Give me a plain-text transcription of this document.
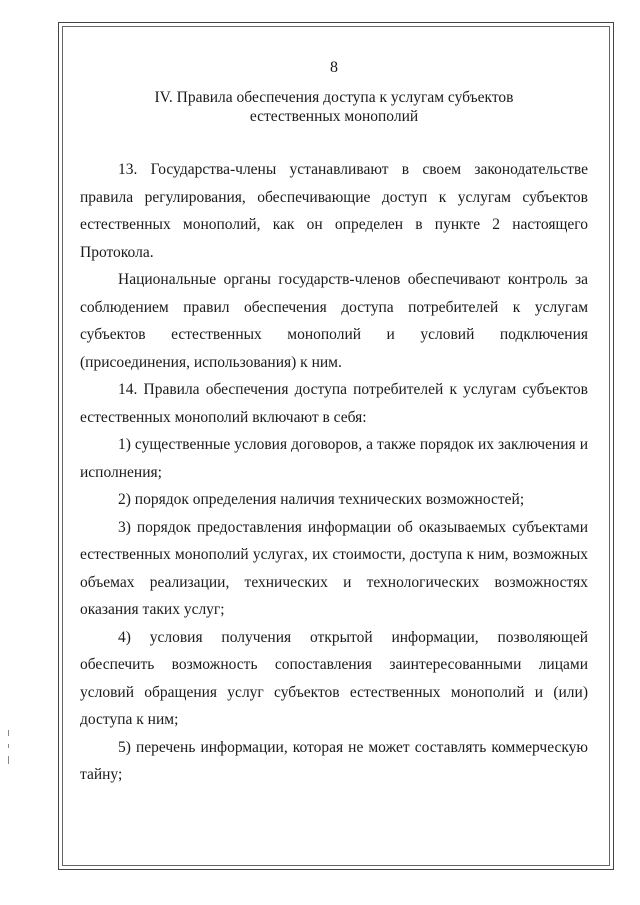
8
IV. Правила обеспечения доступа к услугам субъектов
естественных монополий

13. Государства-члены устанавливают в своем законодательстве правила регулирования, обеспечивающие доступ к услугам субъектов естественных монополий, как он определен в пункте 2 настоящего Протокола.

Национальные органы государств-членов обеспечивают контроль за соблюдением правил обеспечения доступа потребителей к услугам субъектов естественных монополий и условий подключения (присоединения, использования) к ним.

14. Правила обеспечения доступа потребителей к услугам субъектов естественных монополий включают в себя:

1) существенные условия договоров, а также порядок их заключения и исполнения;

2) порядок определения наличия технических возможностей;

3) порядок предоставления информации об оказываемых субъектами естественных монополий услугах, их стоимости, доступа к ним, возможных объемах реализации, технических и технологических возможностях оказания таких услуг;

4) условия получения открытой информации, позволяющей обеспечить возможность сопоставления заинтересованными лицами условий обращения услуг субъектов естественных монополий и (или) доступа к ним;

5) перечень информации, которая не может составлять коммерческую тайну;
